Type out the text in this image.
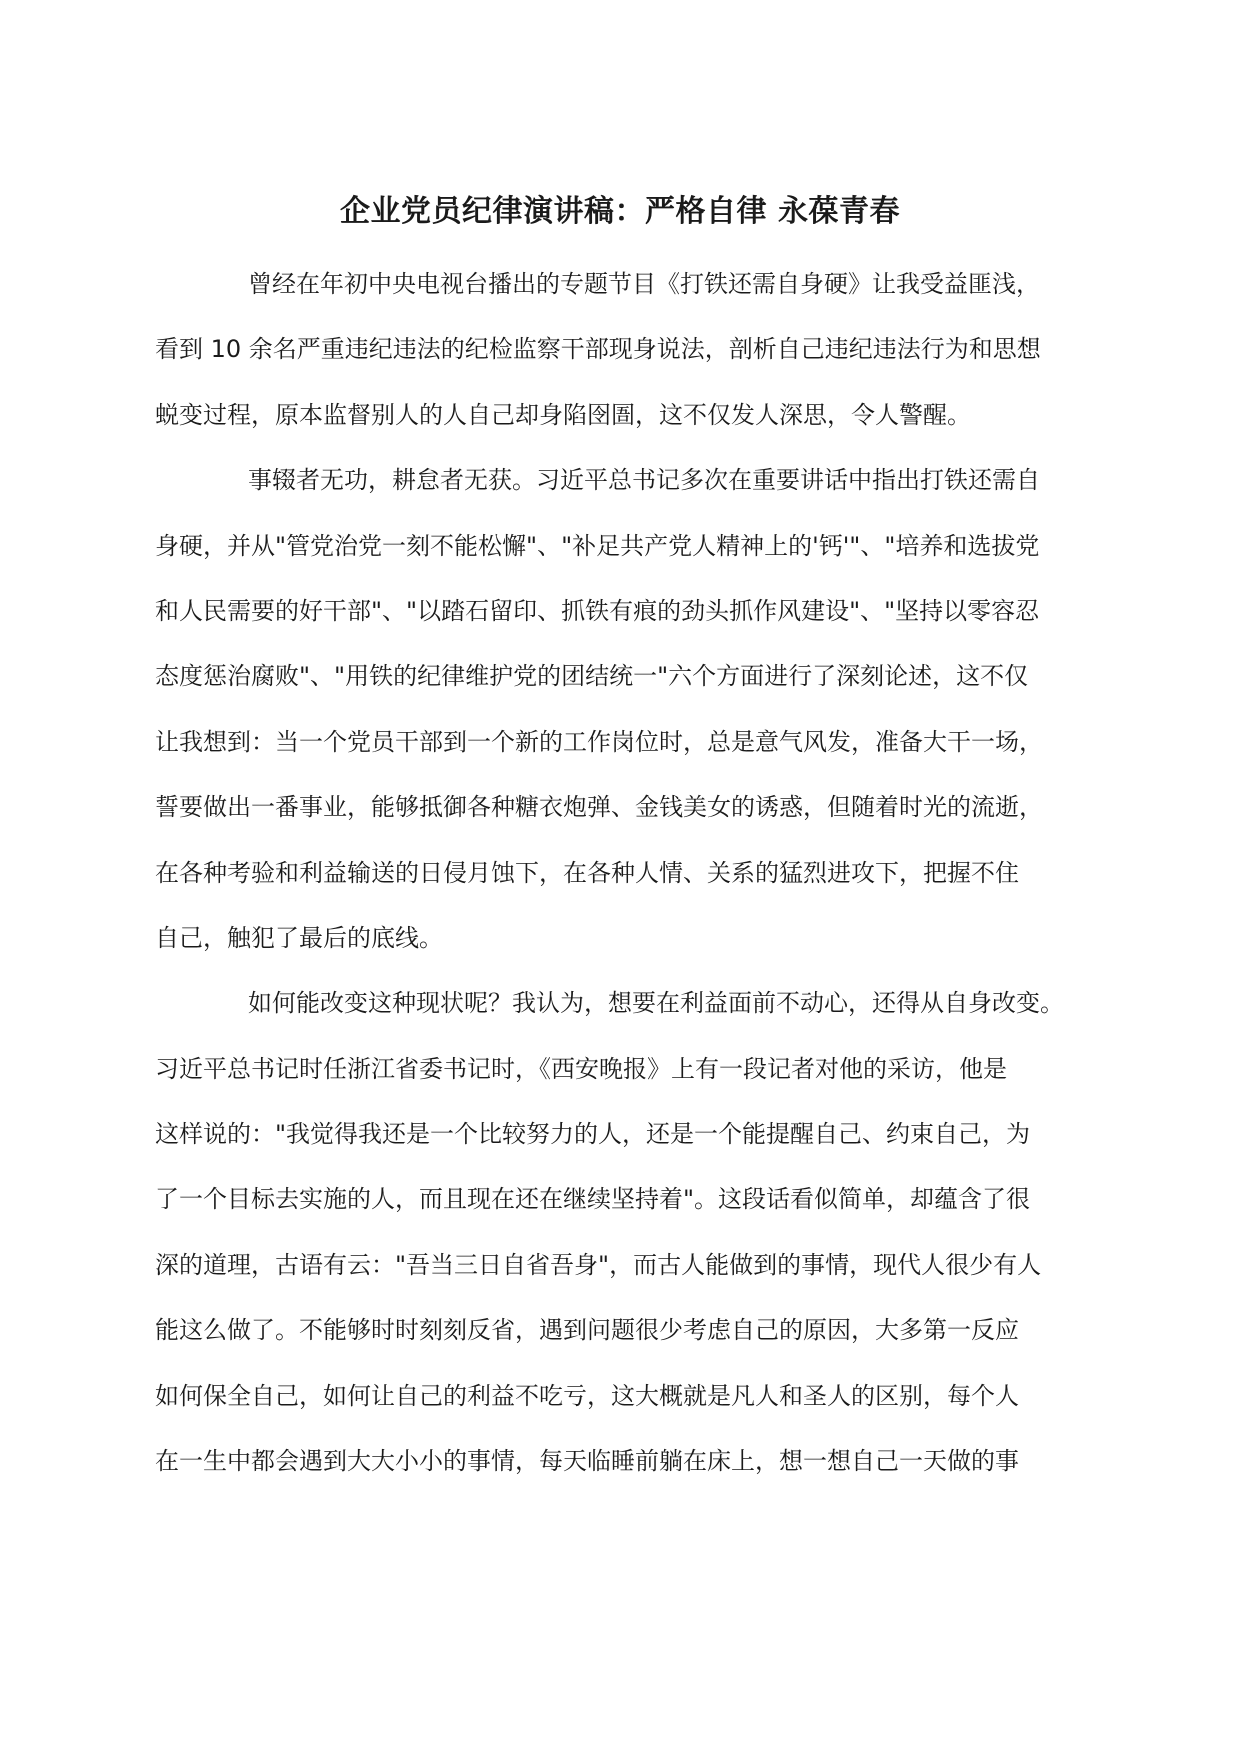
企业党员纪律演讲稿：严格自律 永葆青春
曾经在年初中央电视台播出的专题节目《打铁还需自身硬》让我受益匪浅，
看到 10 余名严重违纪违法的纪检监察干部现身说法，剖析自己违纪违法行为和思想
蜕变过程，原本监督别人的人自己却身陷囹圄，这不仅发人深思，令人警醒。
事辍者无功，耕怠者无获。习近平总书记多次在重要讲话中指出打铁还需自
身硬，并从"管党治党一刻不能松懈"、"补足共产党人精神上的'钙'"、"培养和选拔党
和人民需要的好干部"、"以踏石留印、抓铁有痕的劲头抓作风建设"、"坚持以零容忍
态度惩治腐败"、"用铁的纪律维护党的团结统一"六个方面进行了深刻论述，这不仅
让我想到：当一个党员干部到一个新的工作岗位时，总是意气风发，准备大干一场，
誓要做出一番事业，能够抵御各种糖衣炮弹、金钱美女的诱惑，但随着时光的流逝，
在各种考验和利益输送的日侵月蚀下，在各种人情、关系的猛烈进攻下，把握不住
自己，触犯了最后的底线。
如何能改变这种现状呢？我认为，想要在利益面前不动心，还得从自身改变。
习近平总书记时任浙江省委书记时，《西安晚报》上有一段记者对他的采访，他是
这样说的："我觉得我还是一个比较努力的人，还是一个能提醒自己、约束自己，为
了一个目标去实施的人，而且现在还在继续坚持着"。这段话看似简单，却蕴含了很
深的道理，古语有云："吾当三日自省吾身"，而古人能做到的事情，现代人很少有人
能这么做了。不能够时时刻刻反省，遇到问题很少考虑自己的原因，大多第一反应
如何保全自己，如何让自己的利益不吃亏，这大概就是凡人和圣人的区别，每个人
在一生中都会遇到大大小小的事情，每天临睡前躺在床上，想一想自己一天做的事
